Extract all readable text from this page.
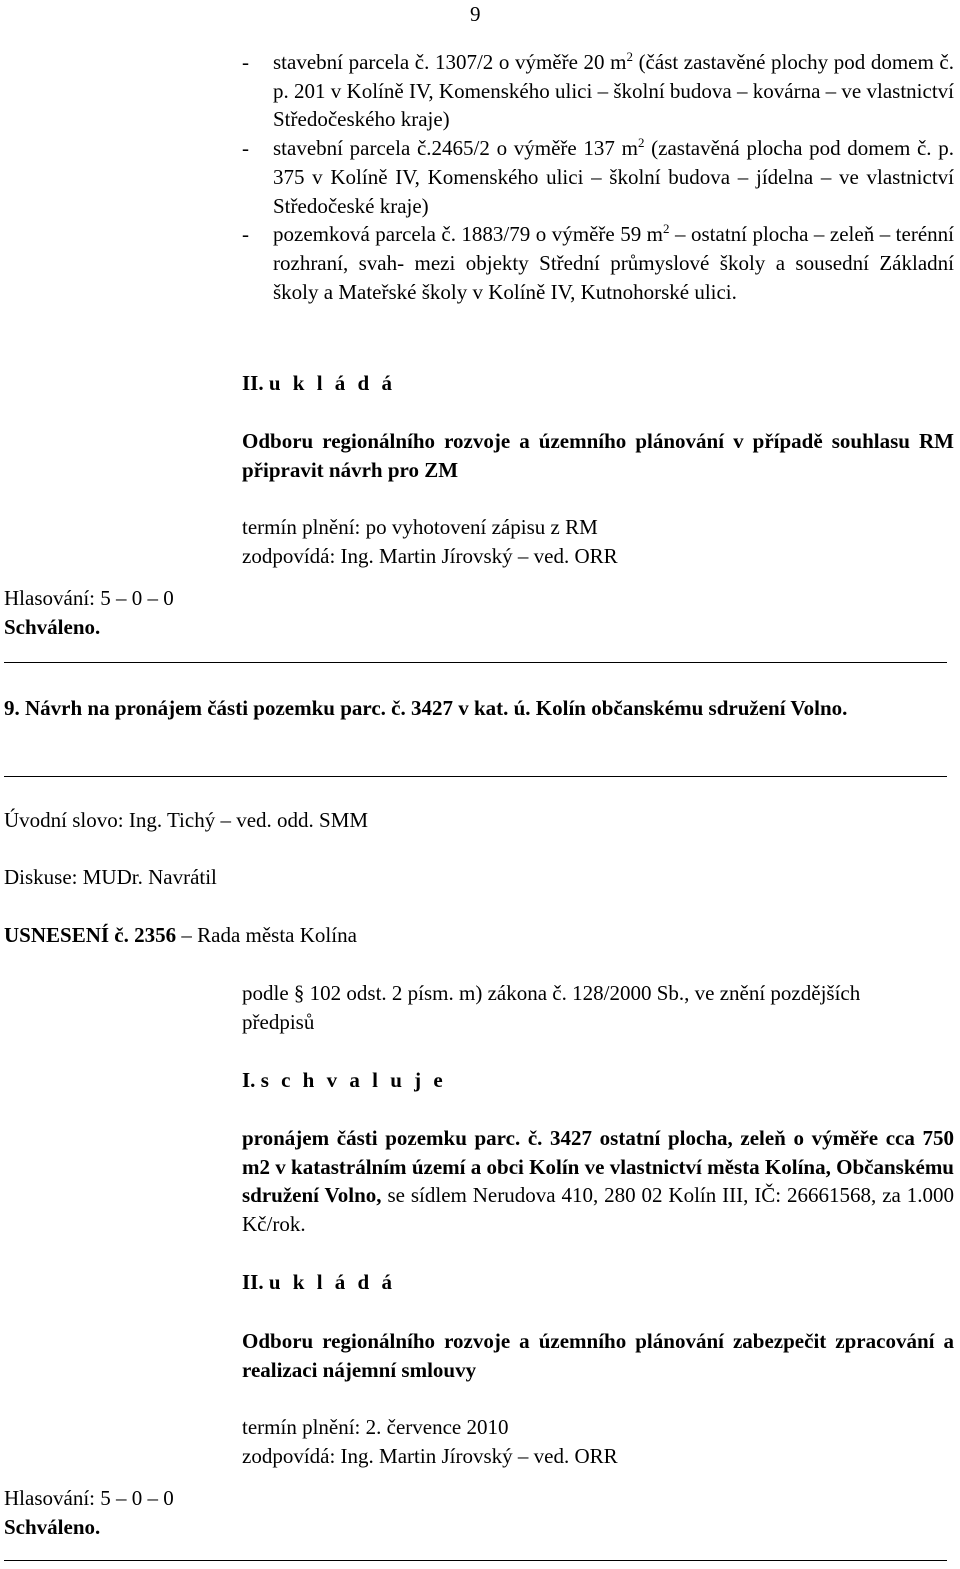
9
- stavební parcela č. 1307/2 o výměře 20 $m^2$ (část zastavěné plochy pod domem č. p. 201 v Kolíně IV, Komenského ulici – školní budova – kovárna – ve vlastnictví Středočeského kraje)
- stavební parcela č.2465/2 o výměře 137 $m^2$ (zastavěná plocha pod domem č. p. 375 v Kolíně IV, Komenského ulici – školní budova – jídelna – ve vlastnictví Středočeské kraje)
- pozemková parcela č. 1883/79 o výměře 59 $m^2$ – ostatní plocha – zeleň – terénní rozhraní, svah- mezi objekty Střední průmyslové školy a sousední Základní školy a Mateřské školy v Kolíně IV, Kutnohorské ulici.
II. u k l á d á
Odboru regionálního rozvoje a územního plánování v případě souhlasu RM připravit návrh pro ZM
termín plnění: po vyhotovení zápisu z RM
zodpovídá: Ing. Martin Jírovský – ved. ORR
Hlasování: 5 – 0 – 0
Schváleno.
9. Návrh na pronájem části pozemku parc. č. 3427 v kat. ú. Kolín občanskému sdružení Volno.
Úvodní slovo: Ing. Tichý – ved. odd. SMM
Diskuse: MUDr. Navrátil
USNESENÍ č. 2356 – Rada města Kolína
podle § 102 odst. 2 písm. m) zákona č. 128/2000 Sb., ve znění pozdějších předpisů
I. s c h v a l u j e
pronájem části pozemku parc. č. 3427 ostatní plocha, zeleň o výměře cca 750 m2 v katastrálním území a obci Kolín ve vlastnictví města Kolína, Občanskému sdružení Volno, se sídlem Nerudova 410, 280 02 Kolín III, IČ: 26661568, za 1.000 Kč/rok.
II. u k l á d á
Odboru regionálního rozvoje a územního plánování zabezpečit zpracování a realizaci nájemní smlouvy
termín plnění: 2. července 2010
zodpovídá: Ing. Martin Jírovský – ved. ORR
Hlasování: 5 – 0 – 0
Schváleno.
